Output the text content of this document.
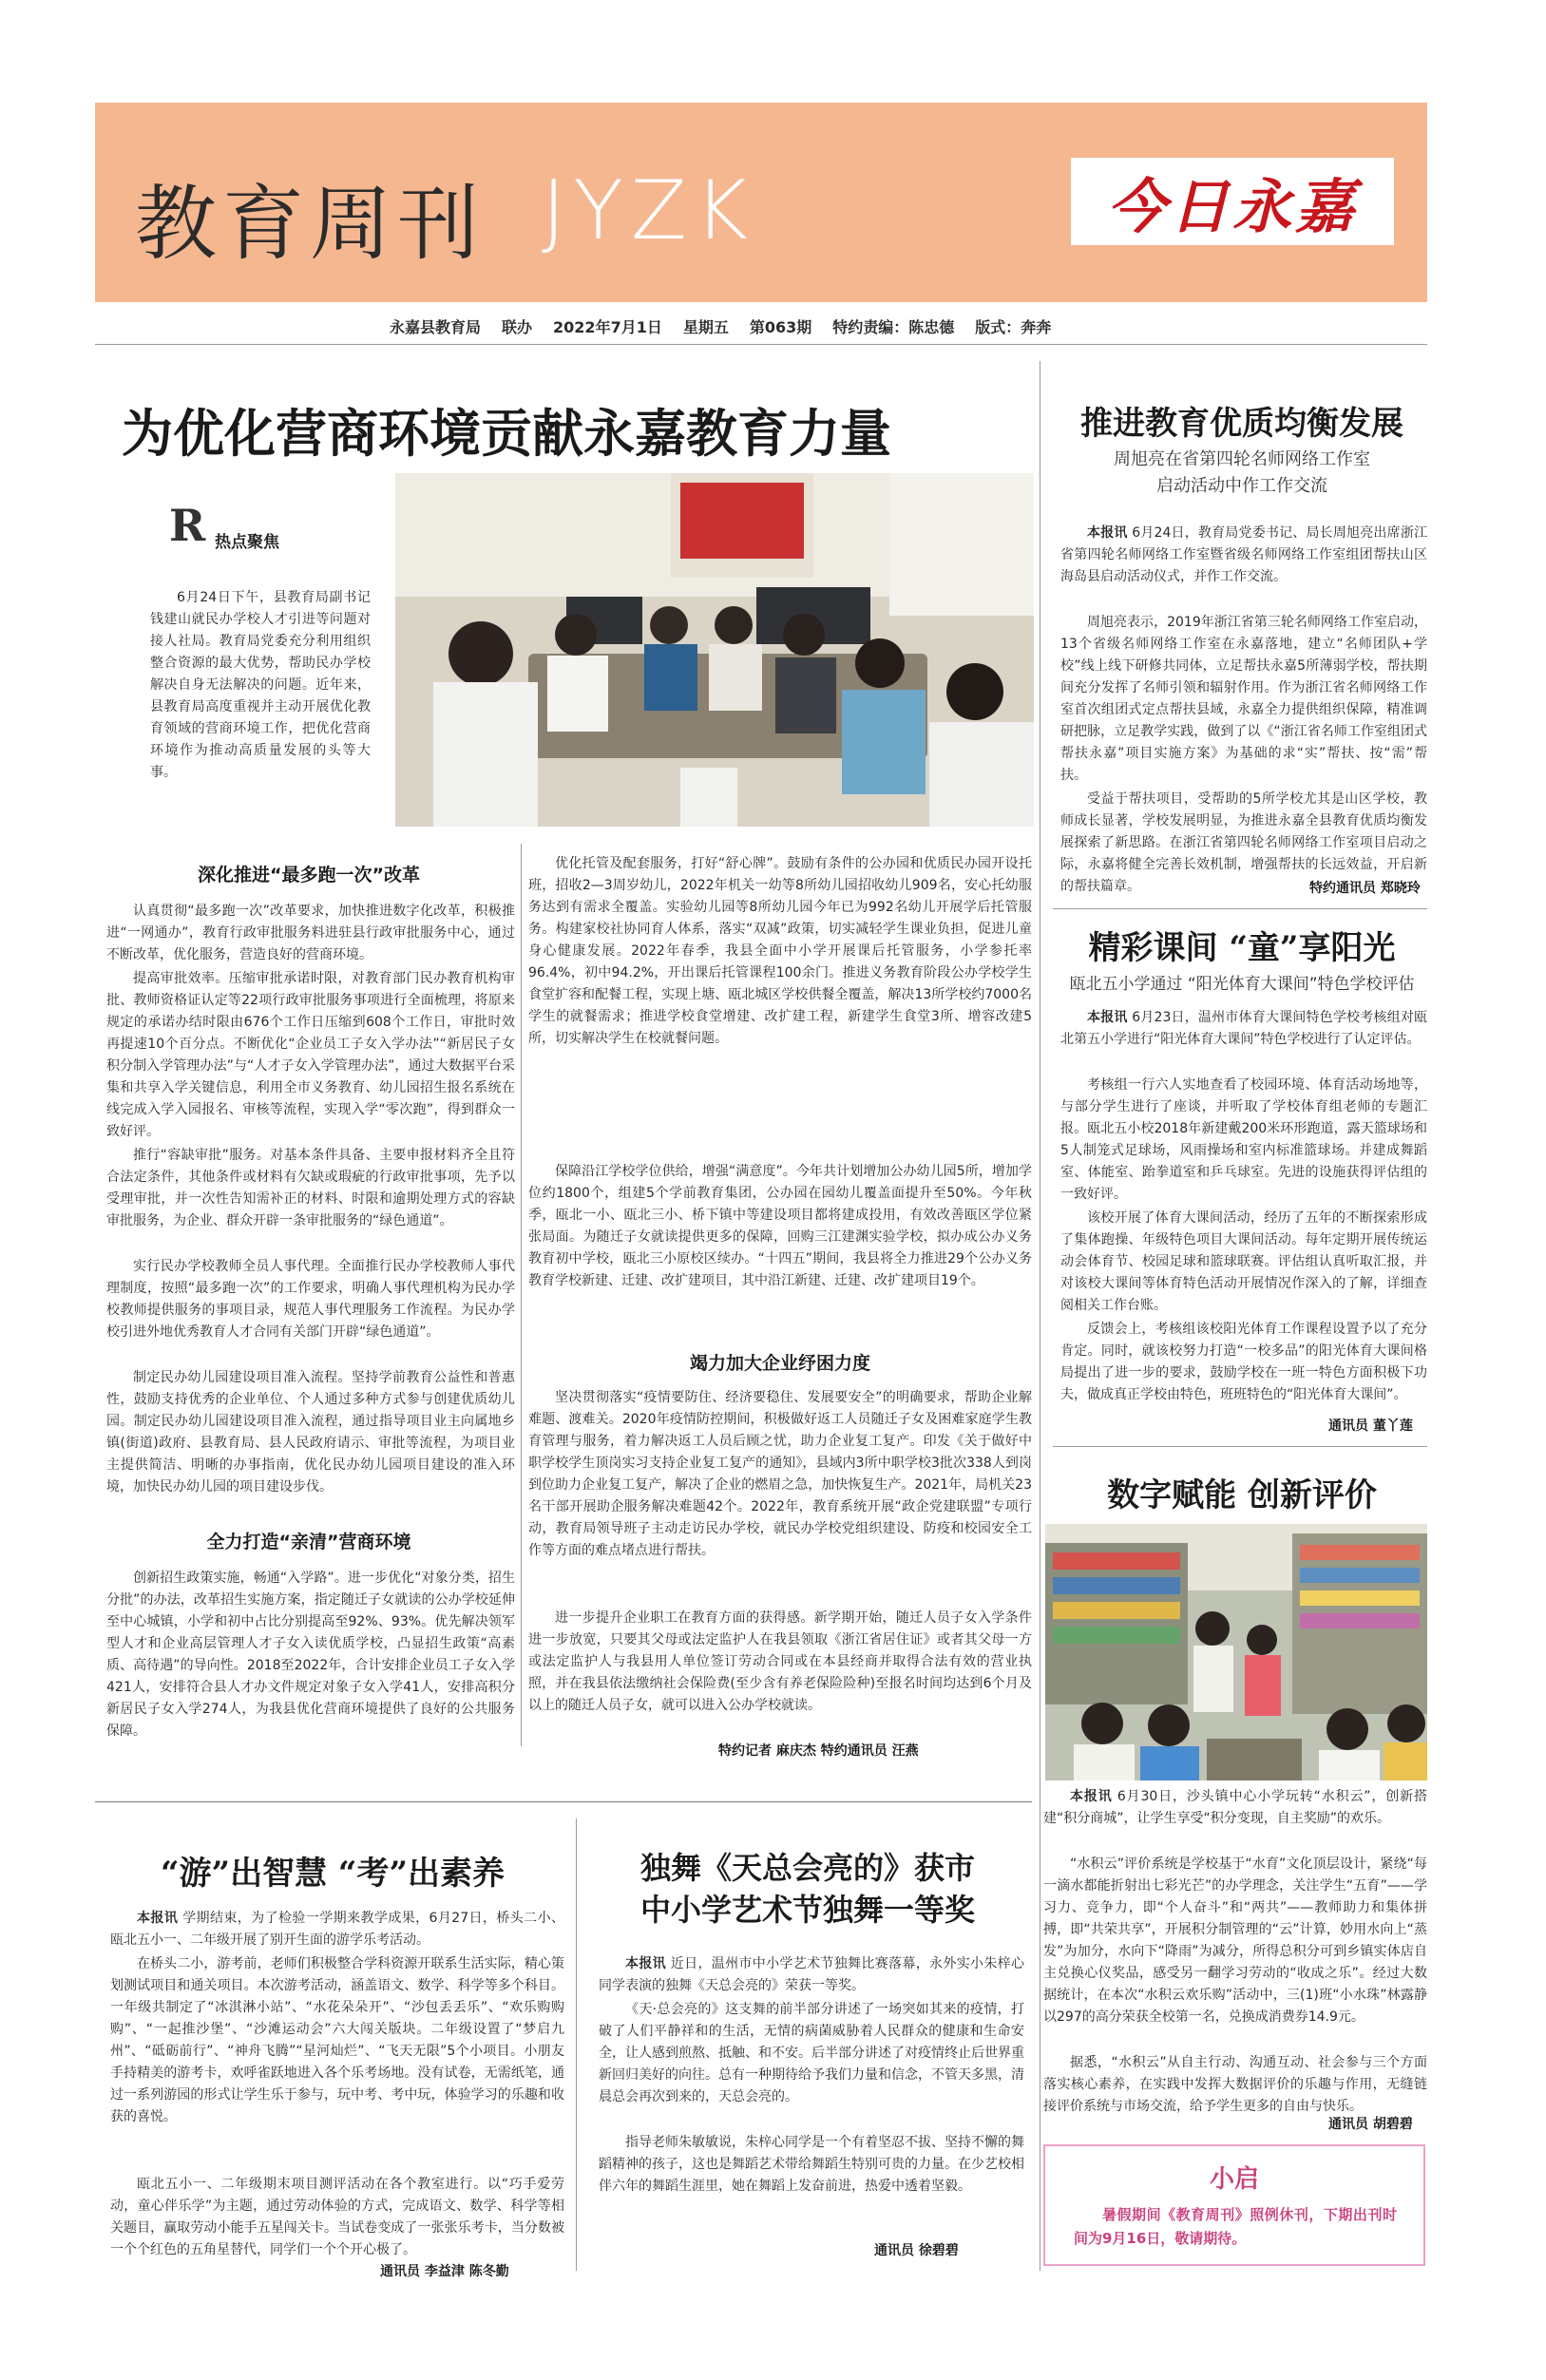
教育周刊 JYZK	今日永嘉
永嘉县教育局 联办 2022年7月1日 星期五 第063期 特约责编：陈忠德 版式：奔奔
为优化营商环境贡献永嘉教育力量
R 热点聚焦
6月24日下午，县教育局副书记钱建山就民办学校人才引进等问题对接人社局。教育局党委充分利用组织整合资源的最大优势，帮助民办学校解决自身无法解决的问题。近年来，县教育局高度重视并主动开展优化教育领域的营商环境工作，把优化营商环境作为推动高质量发展的头等大事。
深化推进“最多跑一次”改革
认真贯彻“最多跑一次”改革要求，加快推进数字化改革，积极推进“一网通办”，教育行政审批服务料进驻县行政审批服务中心，通过不断改革，优化服务，营造良好的营商环境。
提高审批效率。压缩审批承诺时限，对教育部门民办教育机构审批、教师资格证认定等22项行政审批服务事项进行全面梳理，将原来规定的承诺办结时限由676个工作日压缩到608个工作日，审批时效再提速10个百分点。不断优化“企业员工子女入学办法”“新居民子女积分制入学管理办法”与“人才子女入学管理办法”，通过大数据平台采集和共享入学关键信息，利用全市义务教育、幼儿园招生报名系统在线完成入学入园报名、审核等流程，实现入学“零次跑”，得到群众一致好评。
推行“容缺审批”服务。对基本条件具备、主要申报材料齐全且符合法定条件，其他条件或材料有欠缺或瑕疵的行政审批事项，先予以受理审批，并一次性告知需补正的材料、时限和逾期处理方式的容缺审批服务，为企业、群众开辟一条审批服务的“绿色通道”。
实行民办学校教师全员人事代理。全面推行民办学校教师人事代理制度，按照“最多跑一次”的工作要求，明确人事代理机构为民办学校教师提供服务的事项目录，规范人事代理服务工作流程。为民办学校引进外地优秀教育人才合同有关部门开辟“绿色通道”。
制定民办幼儿园建设项目准入流程。坚持学前教育公益性和普惠性，鼓励支持优秀的企业单位、个人通过多种方式参与创建优质幼儿园。制定民办幼儿园建设项目准入流程，通过指导项目业主向属地乡镇(街道)政府、县教育局、县人民政府请示、审批等流程，为项目业主提供简洁、明晰的办事指南，优化民办幼儿园项目建设的准入环境，加快民办幼儿园的项目建设步伐。
全力打造“亲清”营商环境
创新招生政策实施，畅通“入学路”。进一步优化“对象分类，招生分批”的办法，改革招生实施方案，指定随迁子女就读的公办学校延伸至中心城镇，小学和初中占比分别提高至92%、93%。优先解决领军型人才和企业高层管理人才子女入读优质学校，凸显招生政策“高素质、高待遇”的导向性。2018至2022年，合计安排企业员工子女入学421人，安排符合县人才办文件规定对象子女入学41人，安排高积分新居民子女入学274人，为我县优化营商环境提供了良好的公共服务保障。
优化托管及配套服务，打好“舒心牌”。鼓励有条件的公办园和优质民办园开设托班，招收2—3周岁幼儿，2022年机关一幼等8所幼儿园招收幼儿909名，安心托幼服务达到有需求全覆盖。实验幼儿园等8所幼儿园今年已为992名幼儿开展学后托管服务。构建家校社协同育人体系，落实“双减”政策，切实减轻学生课业负担，促进儿童身心健康发展。2022年春季，我县全面中小学开展课后托管服务，小学参托率96.4%，初中94.2%，开出课后托管课程100余门。推进义务教育阶段公办学校学生食堂扩容和配餐工程，实现上塘、瓯北城区学校供餐全覆盖，解决13所学校约7000名学生的就餐需求；推进学校食堂增建、改扩建工程，新建学生食堂3所、增容改建5所，切实解决学生在校就餐问题。
保障沿江学校学位供给，增强“满意度”。今年共计划增加公办幼儿园5所，增加学位约1800个，组建5个学前教育集团，公办园在园幼儿覆盖面提升至50%。今年秋季，瓯北一小、瓯北三小、桥下镇中等建设项目都将建成投用，有效改善瓯区学位紧张局面。为随迁子女就读提供更多的保障，回购三江建渊实验学校，拟办成公办义务教育初中学校，瓯北三小原校区续办。“十四五”期间，我县将全力推进29个公办义务教育学校新建、迁建、改扩建项目，其中沿江新建、迁建、改扩建项目19个。
竭力加大企业纾困力度
坚决贯彻落实“疫情要防住、经济要稳住、发展要安全”的明确要求，帮助企业解难题、渡难关。2020年疫情防控期间，积极做好返工人员随迁子女及困难家庭学生教育管理与服务，着力解决返工人员后顾之忧，助力企业复工复产。印发《关于做好中职学校学生顶岗实习支持企业复工复产的通知》，县域内3所中职学校3批次338人到岗到位助力企业复工复产，解决了企业的燃眉之急，加快恢复生产。2021年，局机关23名干部开展助企服务解决难题42个。2022年，教育系统开展“政企党建联盟”专项行动，教育局领导班子主动走访民办学校，就民办学校党组织建设、防疫和校园安全工作等方面的难点堵点进行帮扶。
进一步提升企业职工在教育方面的获得感。新学期开始，随迁人员子女入学条件进一步放宽，只要其父母或法定监护人在我县领取《浙江省居住证》或者其父母一方或法定监护人与我县用人单位签订劳动合同或在本县经商并取得合法有效的营业执照，并在我县依法缴纳社会保险费(至少含有养老保险险种)至报名时间均达到6个月及以上的随迁人员子女，就可以进入公办学校就读。
特约记者 麻庆杰 特约通讯员 汪燕
推进教育优质均衡发展
周旭亮在省第四轮名师网络工作室
启动活动中作工作交流
本报讯 6月24日，教育局党委书记、局长周旭亮出席浙江省第四轮名师网络工作室暨省级名师网络工作室组团帮扶山区海岛县启动活动仪式，并作工作交流。
周旭亮表示，2019年浙江省第三轮名师网络工作室启动，13个省级名师网络工作室在永嘉落地，建立“名师团队+学校”线上线下研修共同体，立足帮扶永嘉5所薄弱学校，帮扶期间充分发挥了名师引领和辐射作用。作为浙江省名师网络工作室首次组团式定点帮扶县域，永嘉全力提供组织保障，精准调研把脉，立足教学实践，做到了以《“浙江省名师工作室组团式帮扶永嘉”项目实施方案》为基础的求“实”帮扶、按“需”帮扶。
受益于帮扶项目，受帮助的5所学校尤其是山区学校，教师成长显著，学校发展明显，为推进永嘉全县教育优质均衡发展探索了新思路。在浙江省第四轮名师网络工作室项目启动之际，永嘉将健全完善长效机制，增强帮扶的长远效益，开启新的帮扶篇章。	特约通讯员 郑晓玲
精彩课间 “童”享阳光
瓯北五小学通过 “阳光体育大课间”特色学校评估
本报讯 6月23日，温州市体育大课间特色学校考核组对瓯北第五小学进行“阳光体育大课间”特色学校进行了认定评估。
考核组一行六人实地查看了校园环境、体育活动场地等，与部分学生进行了座谈，并听取了学校体育组老师的专题汇报。瓯北五小校2018年新建戴200米环形跑道，露天篮球场和5人制笼式足球场，风雨操场和室内标准篮球场。并建成舞蹈室、体能室、跆拳道室和乒乓球室。先进的设施获得评估组的一致好评。
该校开展了体育大课间活动，经历了五年的不断探索形成了集体跑操、年级特色项目大课间活动。每年定期开展传统运动会体育节、校园足球和篮球联赛。评估组认真听取汇报，并对该校大课间等体育特色活动开展情况作深入的了解，详细查阅相关工作台账。
反馈会上，考核组该校阳光体育工作课程设置予以了充分肯定。同时，就该校努力打造“一校多品”的阳光体育大课间格局提出了进一步的要求，鼓励学校在一班一特色方面积极下功夫，做成真正学校由特色，班班特色的“阳光体育大课间”。
通讯员 董丫莲
数字赋能 创新评价
本报讯 6月30日，沙头镇中心小学玩转“水积云”，创新搭建“积分商城”，让学生享受“积分变现，自主奖励”的欢乐。
“水积云”评价系统是学校基于“水育”文化顶层设计，紧绕“每一滴水都能折射出七彩光芒”的办学理念，关注学生“五育”——学习力、竞争力，即“个人奋斗”和“两共”——教师助力和集体拼搏，即“共荣共享”，开展积分制管理的“云”计算，妙用水向上“蒸发”为加分，水向下“降雨”为减分，所得总积分可到乡镇实体店自主兑换心仪奖品，感受另一翻学习劳动的“收成之乐”。经过大数据统计，在本次“水积云欢乐购”活动中，三(1)班“小水珠”林露静以297的高分荣获全校第一名，兑换成消费券14.9元。
据悉，“水积云”从自主行动、沟通互动、社会参与三个方面落实核心素养，在实践中发挥大数据评价的乐趣与作用，无缝链接评价系统与市场交流，给予学生更多的自由与快乐。
通讯员 胡碧碧
小启
暑假期间《教育周刊》照例休刊，下期出刊时间为9月16日，敬请期待。
“游”出智慧 “考”出素养
本报讯 学期结束，为了检验一学期来教学成果，6月27日，桥头二小、瓯北五小一、二年级开展了别开生面的游学乐考活动。
在桥头二小，游考前，老师们积极整合学科资源开联系生活实际，精心策划测试项目和通关项目。本次游考活动，涵盖语文、数学、科学等多个科目。一年级共制定了“冰淇淋小站”、“水花朵朵开”、“沙包丢丢乐”、“欢乐购购购”、“一起推沙堡”、“沙滩运动会”六大闯关版块。二年级设置了“梦启九州”、“砥砺前行”、“神舟飞腾”“星河灿烂”、“飞天无限”5个小项目。小朋友手持精美的游考卡，欢呼雀跃地进入各个乐考场地。没有试卷，无需纸笔，通过一系列游园的形式让学生乐于参与，玩中考、考中玩，体验学习的乐趣和收获的喜悦。
瓯北五小一、二年级期末项目测评活动在各个教室进行。以“巧手爱劳动，童心伴乐学”为主题，通过劳动体验的方式，完成语文、数学、科学等相关题目，赢取劳动小能手五星闯关卡。当试卷变成了一张张乐考卡，当分数被一个个红色的五角星替代，同学们一个个开心极了。
通讯员 李益津 陈冬勤
独舞《天总会亮的》获市
中小学艺术节独舞一等奖
本报讯 近日，温州市中小学艺术节独舞比赛落幕，永外实小朱梓心同学表演的独舞《天总会亮的》荣获一等奖。
《天·总会亮的》这支舞的前半部分讲述了一场突如其来的疫情，打破了人们平静祥和的生活，无情的病菌威胁着人民群众的健康和生命安全，让人感到煎熬、抵触、和不安。后半部分讲述了对疫情终止后世界重新回归美好的向往。总有一种期待给予我们力量和信念，不管天多黑，清晨总会再次到来的，天总会亮的。
指导老师朱敏敏说，朱梓心同学是一个有着坚忍不拔、坚持不懈的舞蹈精神的孩子，这也是舞蹈艺术带给舞蹈生特别可贵的力量。在少艺校相伴六年的舞蹈生涯里，她在舞蹈上发奋前进，热爱中透着坚毅。
通讯员 徐碧碧
